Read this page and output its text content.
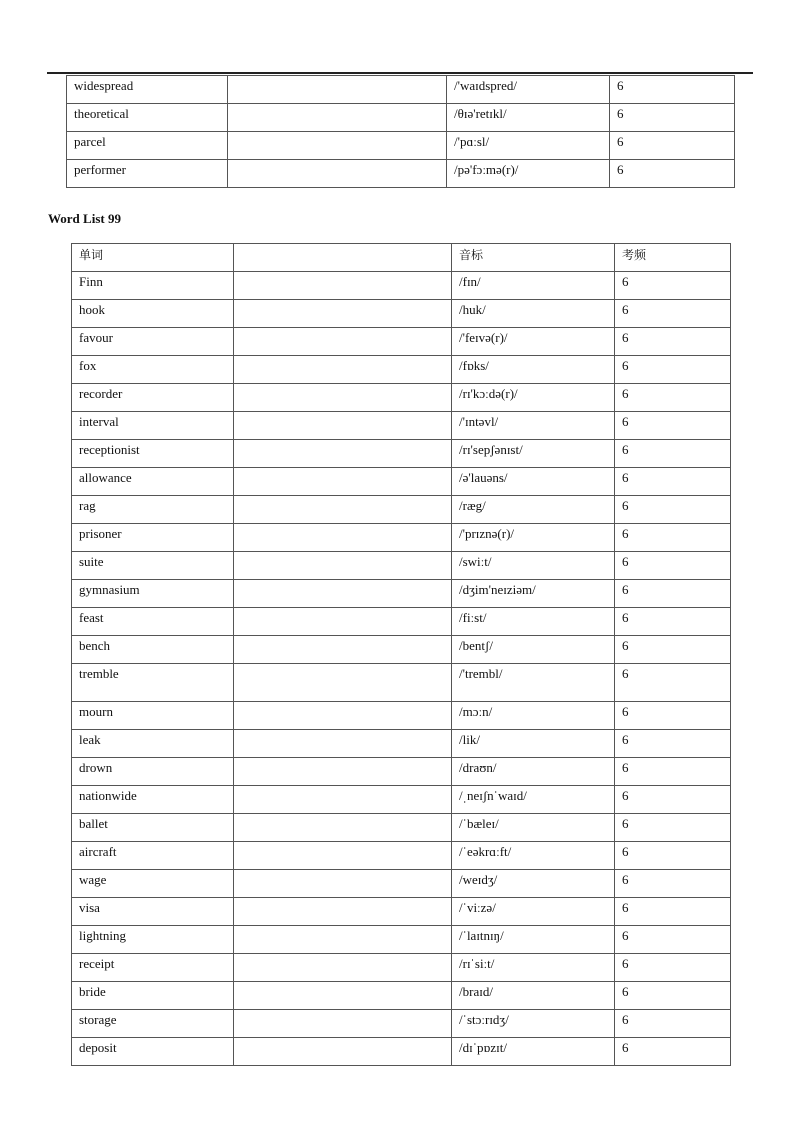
widespread		/'waɪdspred/	6
theoretical		/θɪə'retɪkl/	6
parcel		/'pɑːsl/	6
performer		/pə'fɔːmə(r)/	6
Word List 99
单词		音标	考频
Finn		/fɪn/	6
hook		/huk/	6
favour		/'feɪvə(r)/	6
fox		/fɒks/	6
recorder		/rɪ'kɔːdə(r)/	6
interval		/'ɪntəvl/	6
receptionist		/rɪ'sepʃənɪst/	6
allowance		/ə'lauəns/	6
rag		/ræg/	6
prisoner		/'prɪznə(r)/	6
suite		/swiːt/	6
gymnasium		/dʒim'neɪziəm/	6
feast		/fiːst/	6
bench		/bentʃ/	6
tremble		/'trembl/	6
mourn		/mɔːn/	6
leak		/lik/	6
drown		/draʊn/	6
nationwide		/ˌneɪʃnˈwaɪd/	6
ballet		/ˈbæleɪ/	6
aircraft		/ˈeəkrɑːft/	6
wage		/weɪdʒ/	6
visa		/ˈviːzə/	6
lightning		/ˈlaɪtnɪŋ/	6
receipt		/rɪˈsiːt/	6
bride		/braɪd/	6
storage		/ˈstɔːrɪdʒ/	6
deposit		/dɪˈpɒzɪt/	6
